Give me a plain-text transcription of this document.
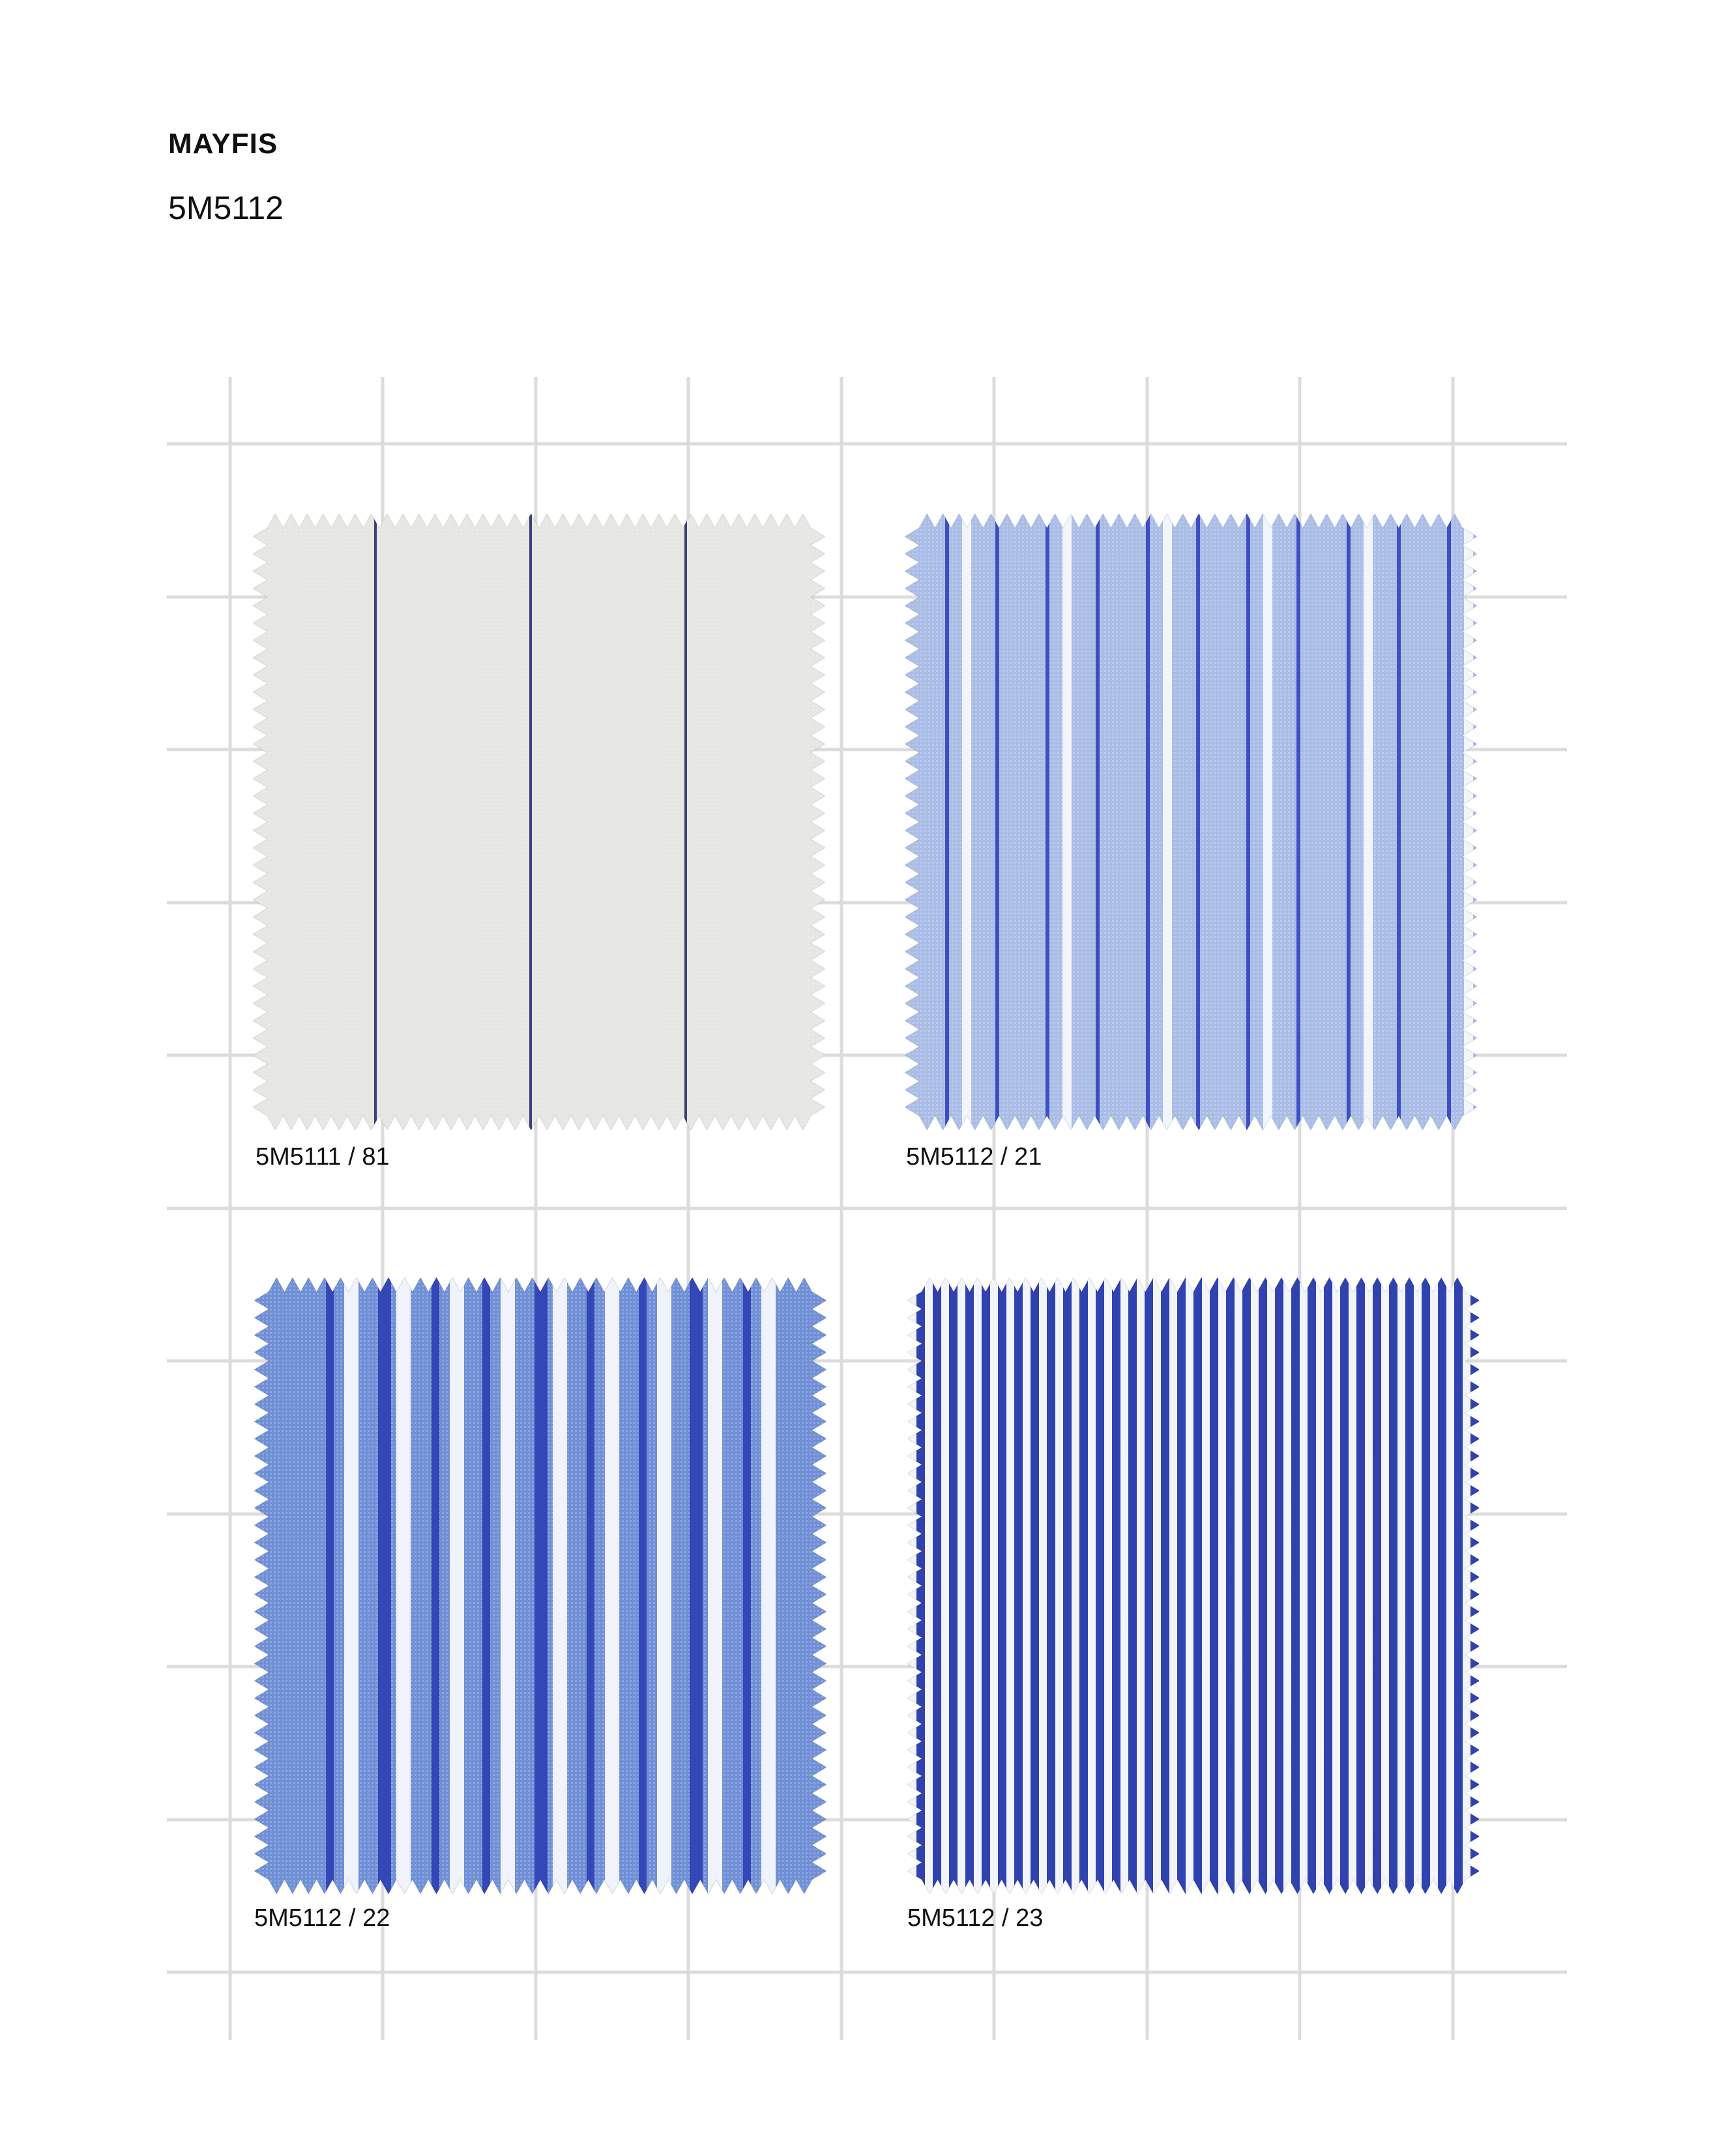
MAYFIS
5M5112
5M5111 / 81	5M5112 / 21
5M5112 / 22	5M5112 / 23
